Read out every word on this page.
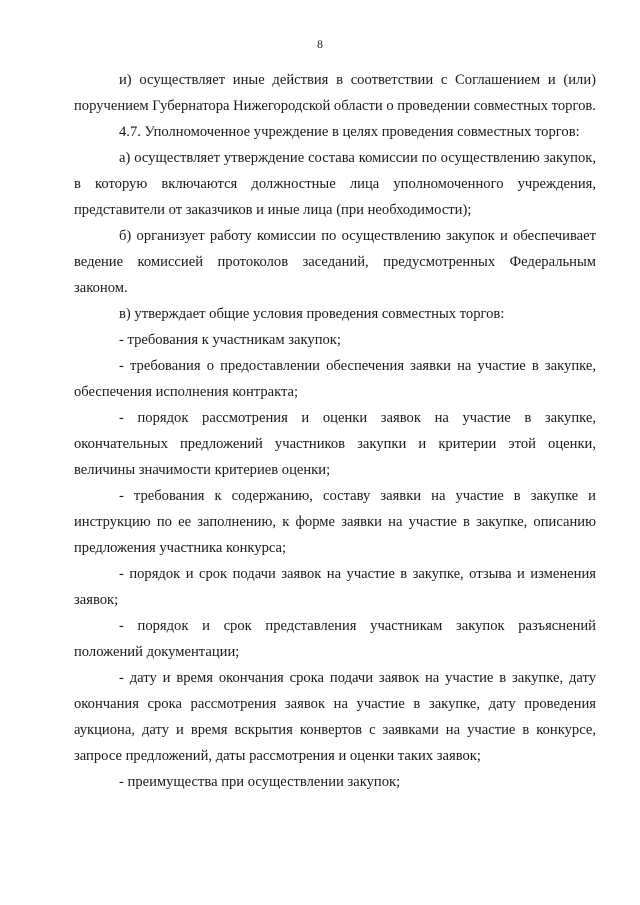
8

и) осуществляет иные действия в соответствии с Соглашением и (или) поручением Губернатора Нижегородской области о проведении совместных торгов.

4.7. Уполномоченное учреждение в целях проведения совместных торгов:

а) осуществляет утверждение состава комиссии по осуществлению закупок, в которую включаются должностные лица уполномоченного учреждения, представители от заказчиков и иные лица (при необходимости);

б) организует работу комиссии по осуществлению закупок и обеспечивает ведение комиссией протоколов заседаний, предусмотренных Федеральным законом.

в) утверждает общие условия проведения совместных торгов:

- требования к участникам закупок;

- требования о предоставлении обеспечения заявки на участие в закупке, обеспечения исполнения контракта;

- порядок рассмотрения и оценки заявок на участие в закупке, окончательных предложений участников закупки и критерии этой оценки, величины значимости критериев оценки;

- требования к содержанию, составу заявки на участие в закупке и инструкцию по ее заполнению, к форме заявки на участие в закупке, описанию предложения участника конкурса;

- порядок и срок подачи заявок на участие в закупке, отзыва и изменения заявок;

- порядок и срок представления участникам закупок разъяснений положений документации;

- дату и время окончания срока подачи заявок на участие в закупке, дату окончания срока рассмотрения заявок на участие в закупке, дату проведения аукциона, дату и время вскрытия конвертов с заявками на участие в конкурсе, запросе предложений, даты рассмотрения и оценки таких заявок;

- преимущества при осуществлении закупок;
